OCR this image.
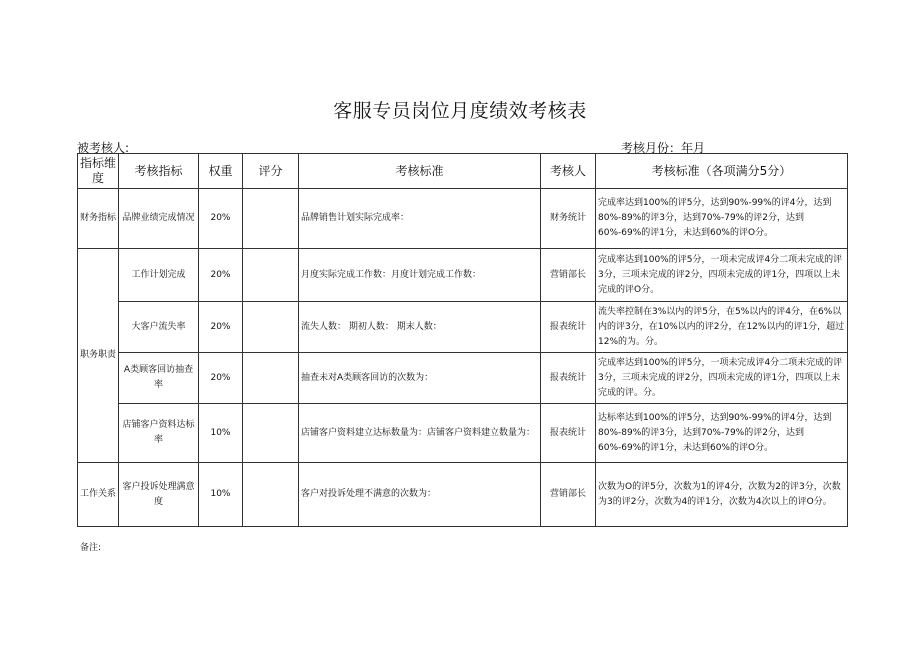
客服专员岗位月度绩效考核表
被考核人:	考核月份：年月
指标维度	考核指标	权重	评分	考核标准	考核人	考核标准（各项满分5分）
财务指标	品牌业绩完成情况	20%		品牌销售计划实际完成率：	财务统计	完成率达到100%的评5分，达到90%-99%的评4分，达到80%-89%的评3分，达到70%-79%的评2分，达到60%-69%的评1分，未达到60%的评O分。
职务职责	工作计划完成	20%		月度实际完成工作数：月度计划完成工作数：	营销部长	完成率达到100%的评5分，一项未完成评4分二项未完成的评3分，三项未完成的评2分，四项未完成的评1分，四项以上未完成的评O分。
	大客户流失率	20%		流失人数： 期初人数： 期末人数：	报表统计	流失率控制在3%以内的评5分，在5%以内的评4分，在6%以内的评3分，在10%以内的评2分，在12%以内的评1分，超过12%的为。分。
	A类顾客回访抽查率	20%		抽查未对A类顾客回访的次数为：	报表统计	完成率达到100%的评5分，一项未完成评4分二项未完成的评3分，三项未完成的评2分，四项未完成的评1分，四项以上未完成的评。分。
	店铺客户资料达标率	10%		店铺客户资料建立达标数量为：店铺客户资料建立数量为：	报表统计	达标率达到100%的评5分，达到90%-99%的评4分，达到80%-89%的评3分，达到70%-79%的评2分，达到60%-69%的评1分，未达到60%的评O分。
工作关系	客户投诉处理满意度	10%		客户对投诉处理不满意的次数为：	营销部长	次数为O的评5分，次数为1的评4分，次数为2的评3分，次数为3的评2分，次数为4的评1分，次数为4次以上的评O分。
备注:
